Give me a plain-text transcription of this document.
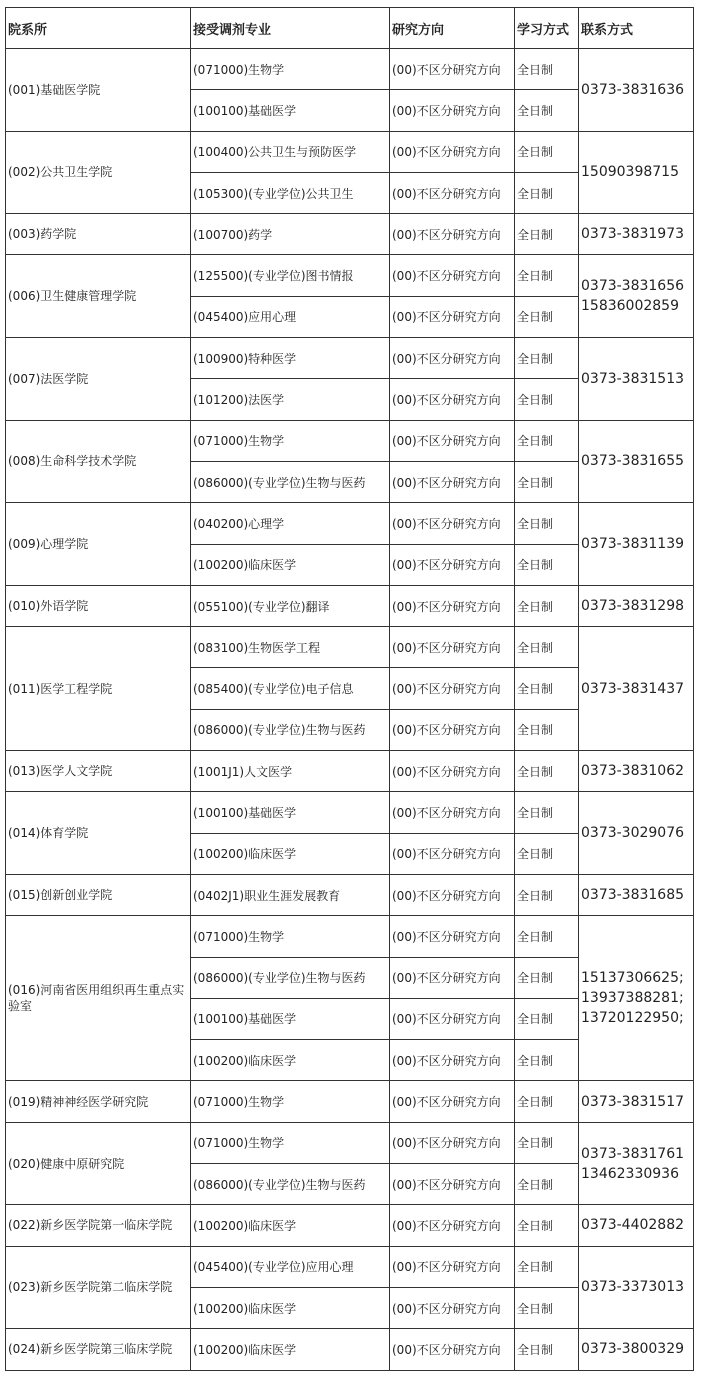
院系所	接受调剂专业	研究方向	学习方式	联系方式
(001)基础医学院	(071000)生物学	(00)不区分研究方向	全日制	0373-3831636
	(100100)基础医学	(00)不区分研究方向	全日制	
(002)公共卫生学院	(100400)公共卫生与预防医学	(00)不区分研究方向	全日制	15090398715
	(105300)(专业学位)公共卫生	(00)不区分研究方向	全日制	
(003)药学院	(100700)药学	(00)不区分研究方向	全日制	0373-3831973
(006)卫生健康管理学院	(125500)(专业学位)图书情报	(00)不区分研究方向	全日制	0373-3831656
15836002859
	(045400)应用心理	(00)不区分研究方向	全日制	
(007)法医学院	(100900)特种医学	(00)不区分研究方向	全日制	0373-3831513
	(101200)法医学	(00)不区分研究方向	全日制	
(008)生命科学技术学院	(071000)生物学	(00)不区分研究方向	全日制	0373-3831655
	(086000)(专业学位)生物与医药	(00)不区分研究方向	全日制	
(009)心理学院	(040200)心理学	(00)不区分研究方向	全日制	0373-3831139
	(100200)临床医学	(00)不区分研究方向	全日制	
(010)外语学院	(055100)(专业学位)翻译	(00)不区分研究方向	全日制	0373-3831298
(011)医学工程学院	(083100)生物医学工程	(00)不区分研究方向	全日制	0373-3831437
	(085400)(专业学位)电子信息	(00)不区分研究方向	全日制	
	(086000)(专业学位)生物与医药	(00)不区分研究方向	全日制	
(013)医学人文学院	(1001J1)人文医学	(00)不区分研究方向	全日制	0373-3831062
(014)体育学院	(100100)基础医学	(00)不区分研究方向	全日制	0373-3029076
	(100200)临床医学	(00)不区分研究方向	全日制	
(015)创新创业学院	(0402J1)职业生涯发展教育	(00)不区分研究方向	全日制	0373-3831685
(016)河南省医用组织再生重点实验室	(071000)生物学	(00)不区分研究方向	全日制	15137306625;
13937388281;
13720122950;
	(086000)(专业学位)生物与医药	(00)不区分研究方向	全日制	
	(100100)基础医学	(00)不区分研究方向	全日制	
	(100200)临床医学	(00)不区分研究方向	全日制	
(019)精神神经医学研究院	(071000)生物学	(00)不区分研究方向	全日制	0373-3831517
(020)健康中原研究院	(071000)生物学	(00)不区分研究方向	全日制	0373-3831761
13462330936
	(086000)(专业学位)生物与医药	(00)不区分研究方向	全日制	
(022)新乡医学院第一临床学院	(100200)临床医学	(00)不区分研究方向	全日制	0373-4402882
(023)新乡医学院第二临床学院	(045400)(专业学位)应用心理	(00)不区分研究方向	全日制	0373-3373013
	(100200)临床医学	(00)不区分研究方向	全日制	
(024)新乡医学院第三临床学院	(100200)临床医学	(00)不区分研究方向	全日制	0373-3800329
